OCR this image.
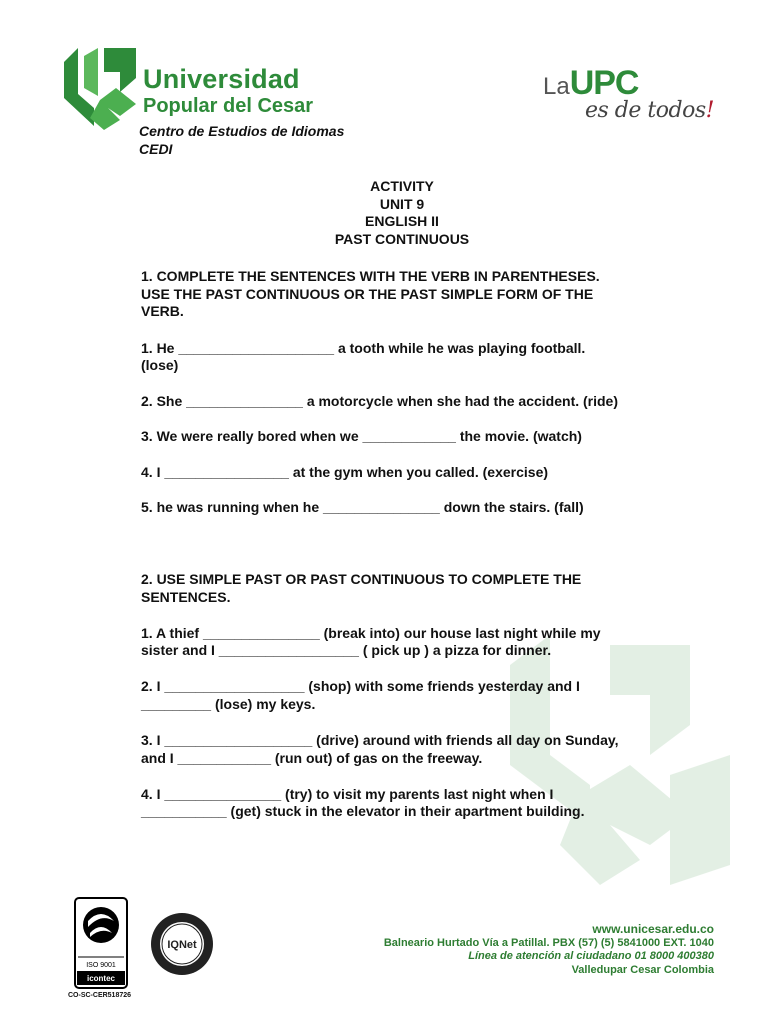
Universidad
Popular del Cesar
Centro de Estudios de Idiomas
CEDI
LaUPC
es de todos!
ACTIVITY
UNIT 9
ENGLISH II
PAST CONTINUOUS
1. COMPLETE THE SENTENCES WITH THE VERB IN PARENTHESES.
USE THE PAST CONTINUOUS OR THE PAST SIMPLE FORM OF THE
VERB.
1. He ____________________ a tooth while he was playing football.
(lose)
2. She _______________ a motorcycle when she had the accident. (ride)
3. We were really bored when we ____________ the movie. (watch)
4. I ________________ at the gym when you called. (exercise)
5. he was running when he _______________ down the stairs. (fall)
2. USE SIMPLE PAST OR PAST CONTINUOUS TO COMPLETE THE
SENTENCES.
1. A thief _______________ (break into) our house last night while my
sister and I __________________ ( pick up ) a pizza for dinner.
2. I __________________ (shop) with some friends yesterday and I
_________ (lose) my keys.
3. I ___________________ (drive) around with friends all day on Sunday,
and I ____________ (run out) of gas on the freeway.
4. I _______________ (try) to visit my parents last night when I
___________ (get) stuck in the elevator in their apartment building.
ISO 9001
icontec
CO-SC-CER518726
IQNet
www.unicesar.edu.co
Balneario Hurtado Vía a Patillal. PBX (57) (5) 5841000 EXT. 1040
Línea de atención al ciudadano 01 8000 400380
Valledupar Cesar Colombia
